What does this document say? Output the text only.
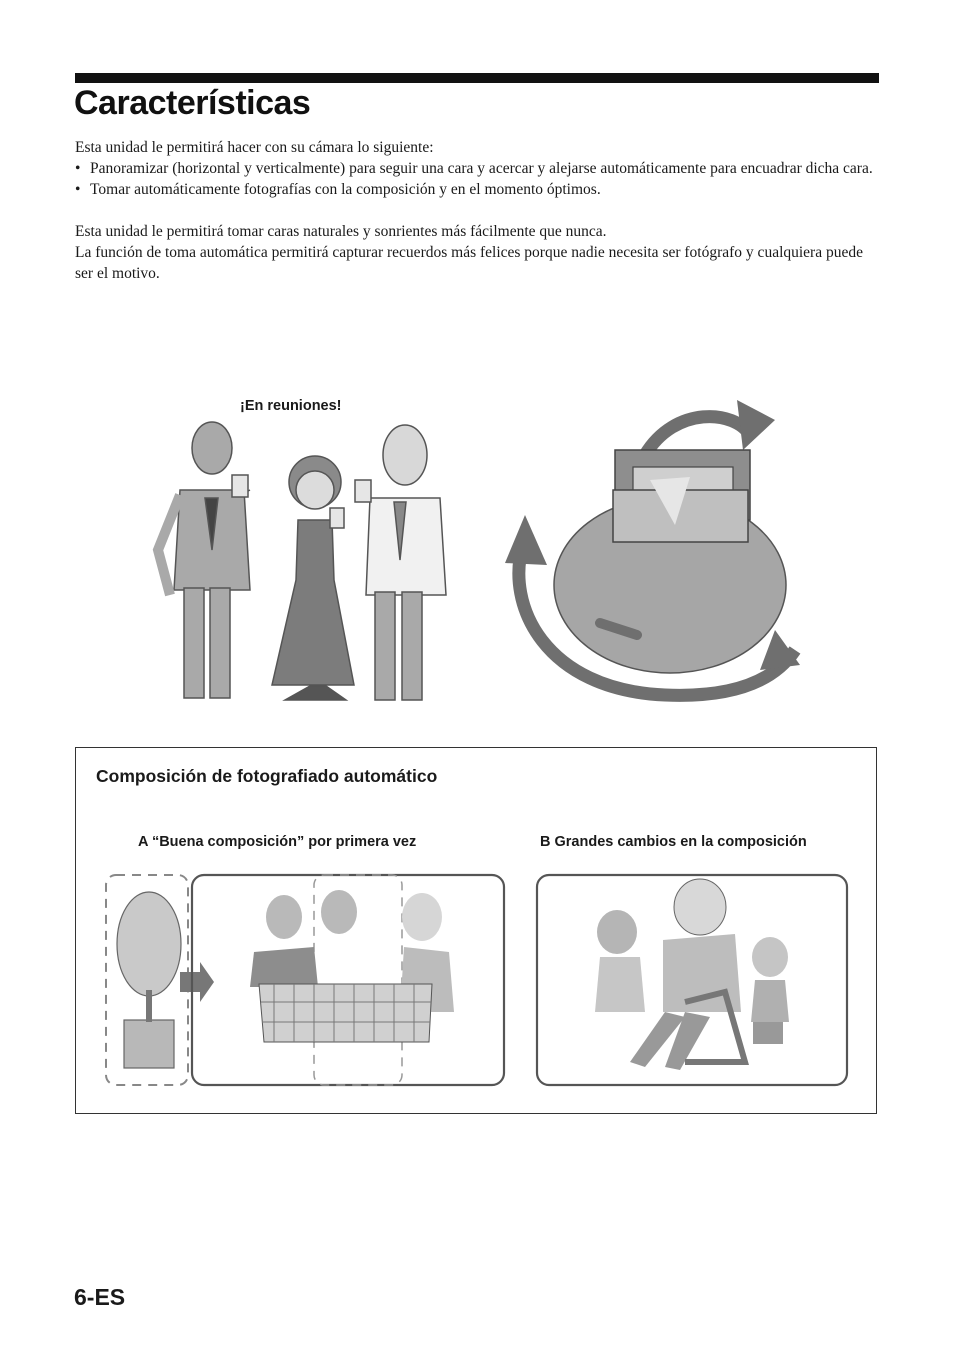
Características

Esta unidad le permitirá hacer con su cámara lo siguiente:

• Panoramizar (horizontal y verticalmente) para seguir una cara y acercar y alejarse automáticamente para encuadrar dicha cara.
• Tomar automáticamente fotografías con la composición y en el momento óptimos.

Esta unidad le permitirá tomar caras naturales y sonrientes más fácilmente que nunca.

La función de toma automática permitirá capturar recuerdos más felices porque nadie necesita ser fotógrafo y cualquiera puede ser el motivo.

¡En reuniones!
Composición de fotografiado automático
A “Buena composición” por primera vez	B Grandes cambios en la composición
6-ES
